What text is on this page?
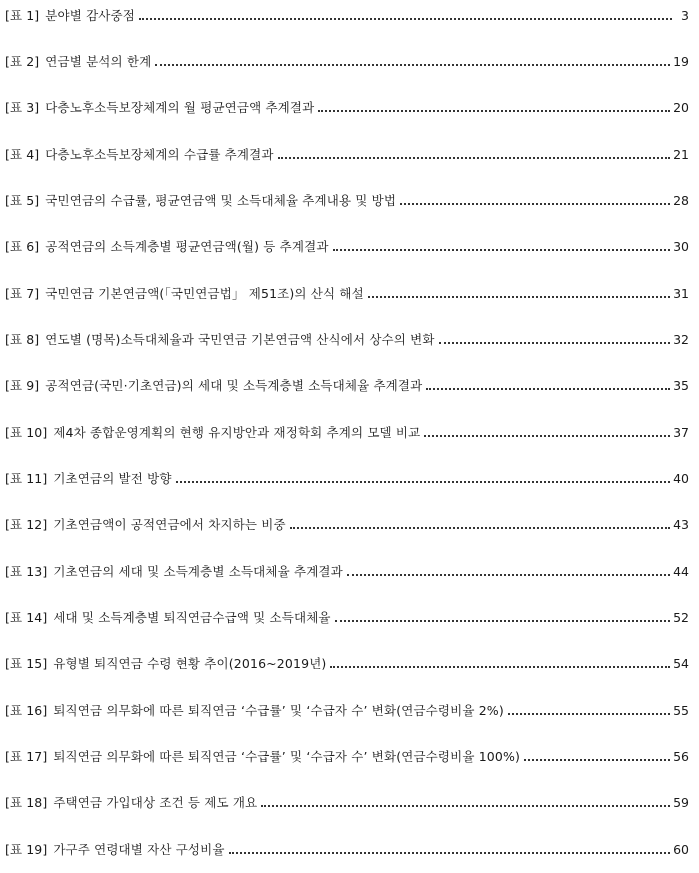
[표 1] 분야별 감사중점	3
[표 2] 연금별 분석의 한계	19
[표 3] 다층노후소득보장체계의 월 평균연금액 추계결과	20
[표 4] 다층노후소득보장체계의 수급률 추계결과	21
[표 5] 국민연금의 수급률, 평균연금액 및 소득대체율 추계내용 및 방법	28
[표 6] 공적연금의 소득계층별 평균연금액(월) 등 추계결과	30
[표 7] 국민연금 기본연금액(「국민연금법」 제51조)의 산식 해설	31
[표 8] 연도별 (명목)소득대체율과 국민연금 기본연금액 산식에서 상수의 변화	32
[표 9] 공적연금(국민·기초연금)의 세대 및 소득계층별 소득대체율 추계결과	35
[표 10] 제4차 종합운영계획의 현행 유지방안과 재정학회 추계의 모델 비교	37
[표 11] 기초연금의 발전 방향	40
[표 12] 기초연금액이 공적연금에서 차지하는 비중	43
[표 13] 기초연금의 세대 및 소득계층별 소득대체율 추계결과	44
[표 14] 세대 및 소득계층별 퇴직연금수급액 및 소득대체율	52
[표 15] 유형별 퇴직연금 수령 현황 추이(2016~2019년)	54
[표 16] 퇴직연금 의무화에 따른 퇴직연금 ‘수급률’ 및 ‘수급자 수’ 변화(연금수령비율 2%)	55
[표 17] 퇴직연금 의무화에 따른 퇴직연금 ‘수급률’ 및 ‘수급자 수’ 변화(연금수령비율 100%)	56
[표 18] 주택연금 가입대상 조건 등 제도 개요	59
[표 19] 가구주 연령대별 자산 구성비율	60
